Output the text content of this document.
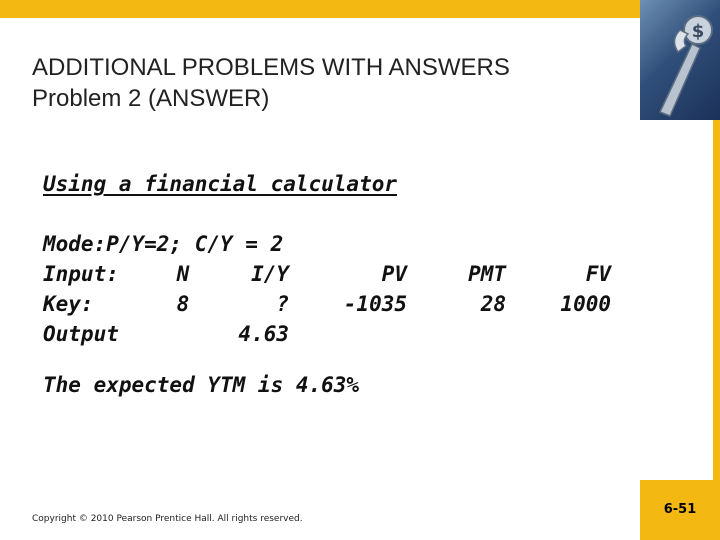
$
ADDITIONAL PROBLEMS WITH ANSWERS
Problem 2 (ANSWER)
Using a financial calculator
Mode:P/Y=2; C/Y = 2					
Input:	N	I/Y	PV	PMT	FV
Key:	8	?	-1035	28	1000
Output		4.63			
The expected YTM is 4.63%
Copyright © 2010 Pearson Prentice Hall. All rights reserved.
6-51
